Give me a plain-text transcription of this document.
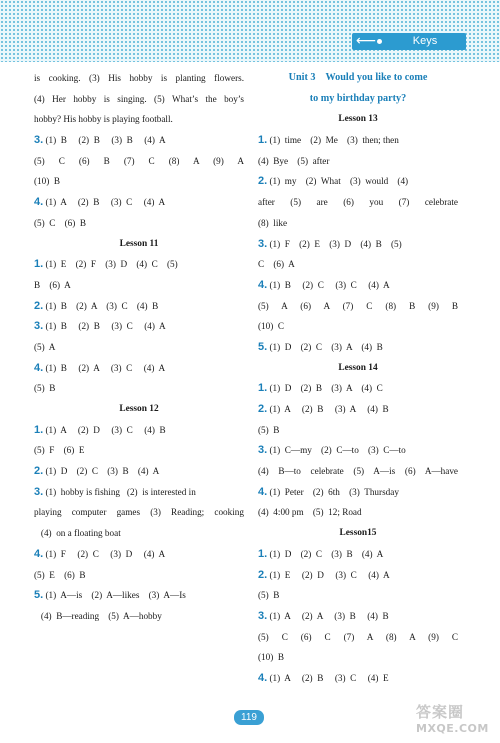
⟵	Keys
is cooking. (3) His hobby is planting flowers.
(4) Her hobby is singing. (5) What’s the boy’s
hobby? His hobby is playing football.
3. (1)  B     (2)  B     (3)  B     (4)  A
(5) C (6) B (7) C (8) A (9) A
(10)  B
4. (1)  A     (2)  B     (3)  C     (4)  A
(5)  C    (6)  B
Lesson 11
1. (1)  E    (2)  F    (3)  D    (4)  C    (5)
B    (6)  A
2. (1)  B    (2)  A    (3)  C    (4)  B
3. (1)  B     (2)  B     (3)  C     (4)  A
(5)  A
4. (1)  B     (2)  A     (3)  C     (4)  A
(5)  B
Lesson 12
1. (1)  A     (2)  D     (3)  C     (4)  B
(5)  F    (6)  E
2. (1)  D    (2)  C    (3)  B    (4)  A
3. (1)  hobby is fishing   (2)  is interested in
playing computer games (3) Reading; cooking
(4)  on a floating boat
4. (1)  F     (2)  C     (3)  D     (4)  A
(5)  E    (6)  B
5. (1)  A—is    (2)  A—likes    (3)  A—Is
(4)  B—reading    (5)  A—hobby
Unit 3    Would you like to come
to my birthday party?
Lesson 13
1. (1)  time    (2)  Me    (3)  then; then
(4)  Bye    (5)  after
2. (1)  my    (2)  What    (3)  would    (4)
after (5) are (6) you (7) celebrate
(8)  like
3. (1)  F    (2)  E    (3)  D    (4)  B    (5)
C    (6)  A
4. (1)  B     (2)  C     (3)  C     (4)  A
(5) A (6) A (7) C (8) B (9) B
(10)  C
5. (1)  D    (2)  C    (3)  A    (4)  B
Lesson 14
1. (1)  D    (2)  B    (3)  A    (4)  C
2. (1)  A     (2)  B     (3)  A     (4)  B
(5)  B
3. (1)  C—my    (2)  C—to    (3)  C—to
(4) B—to celebrate (5) A—is (6) A—have
4. (1)  Peter    (2)  6th    (3)  Thursday
(4)  4:00 pm    (5)  12; Road
Lesson15
1. (1)  D    (2)  C    (3)  B    (4)  A
2. (1)  E     (2)  D     (3)  C     (4)  A
(5)  B
3. (1)  A     (2)  A     (3)  B     (4)  B
(5) C (6) C (7) A (8) A (9) C
(10)  B
4. (1)  A     (2)  B     (3)  C     (4)  E
119	答案圈
MXQE.COM
